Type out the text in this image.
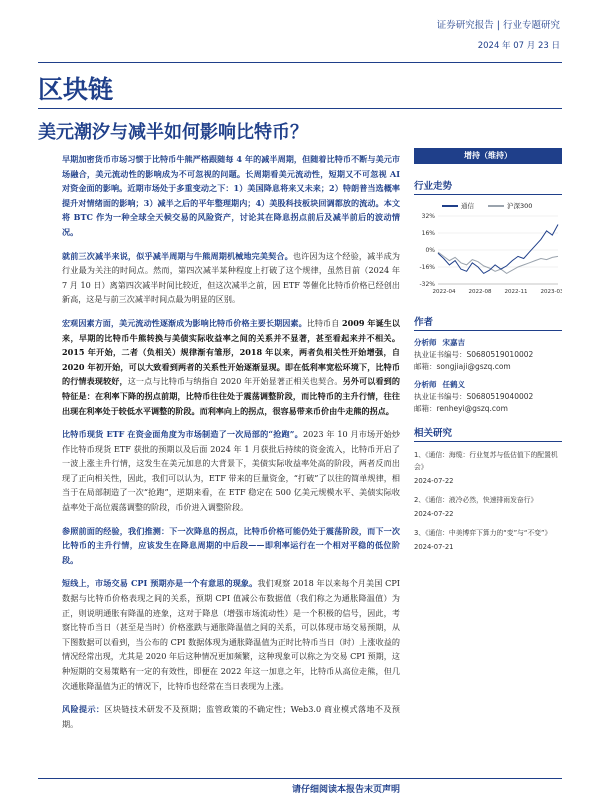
证券研究报告 | 行业专题研究
2024 年 07 月 23 日
区块链
美元潮汐与减半如何影响比特币？

早期加密货币市场习惯于比特币牛熊严格跟随每 4 年的减半周期，但随着比特币不断与美元市场融合，美元流动性的影响成为不可忽视的问题。长周期看美元流动性，短期又不可忽视 AI 对资金面的影响。近期市场处于多重变动之下：1）美国降息将来又未来；2）特朗普当选概率提升对情绪面的影响；3）减半之后的平年整理期内；4）美股科技板块回调都放的流动。本文将 BTC 作为一种全球全天候交易的风险资产，讨论其在降息拐点前后及减半前后的波动情况。

就前三次减半来说，似乎减半周期与牛熊周期机械地完美契合。也许因为这个经验，减半成为行业最为关注的时间点。然而，第四次减半某种程度上打破了这个规律，虽然目前（2024 年 7 月 10 日）离第四次减半时间比较近，但这次减半之前，因 ETF 等催化比特币价格已经创出新高，这是与前三次减半时间点最为明显的区别。

宏观因素方面，美元流动性逐渐成为影响比特币价格主要长期因素。比特币自 2009 年诞生以来，早期的比特币牛熊转换与美债实际收益率之间的关系并不显著，甚至看起来并不相关。2015 年开始，二者（负相关）规律渐有雏形，2018 年以来，两者负相关性开始增强，自 2020 年初开始，可以大致看到两者的关系性开始逐渐显现。即在低利率宽松环境下，比特币的行情表现较好，这一点与比特币与纳指自 2020 年开始显著正相关也契合。另外可以看到的特征是：在利率下降的拐点前期，比特币往往处于震荡调整阶段，而比特币的主升行情，往往出现在利率处于较低水平调整的阶段。而利率向上的拐点，很容易带来币价由牛走熊的拐点。

比特币现货 ETF 在资金面角度为市场制造了一次局部的“抢跑”。2023 年 10 月市场开始炒作比特币现货 ETF 获批的预期以及后面 2024 年 1 月获批后持续的资金流入，比特币开启了一波上涨主升行情，这发生在美元加息的大背景下，美债实际收益率处高的阶段，两者反而出现了正向相关性，因此，我们可以认为，ETF 带来的巨量资金，“打破”了以往的简单规律，相当于在局部制造了一次“抢跑”，逆期来看，在 ETF 稳定在 500 亿美元规模水平、美债实际收益率处于高位震荡调整的阶段，币价进入调整阶段。

参照前面的经验，我们推测：下一次降息的拐点，比特币价格可能仍处于震荡阶段，而下一次比特币的主升行情，应该发生在降息周期的中后段——即利率运行在一个相对平稳的低位阶段。

短线上，市场交易 CPI 预期亦是一个有意思的现象。我们观察 2018 年以来每个月美国 CPI 数据与比特币价格表现之间的关系，预期 CPI 值减公布数据值（我们称之为通胀降温值）为正，则说明通胀有降温的迹象，这对于降息（增强市场流动性）是一个积极的信号，因此，考察比特币当日（甚至是当时）价格涨跌与通胀降温值之间的关系，可以体现市场交易预期，从下图数据可以看到，当公布的 CPI 数据体现为通胀降温值为正时比特币当日（时）上涨收益的情况经常出现，尤其是 2020 年后这种情况更加频繁，这种现象可以称之为交易 CPI 预期，这种短期的交易策略有一定的有效性，即便在 2022 年这一加息之年，比特币从高位走熊，但几次通胀降温值为正的情况下，比特币也经常在当日表现为上涨。

风险提示：区块链技术研发不及预期；监管政策的不确定性；Web3.0 商业模式落地不及预期。

增持（维持）
行业走势
通信	沪深300
32%
16%
0%
-16%
-32%
2022-04 2022-08 2022-11 2023-03
作者
分析师 宋嘉吉
执业证书编号：S0680519010002
邮箱：songjiaji@gszq.com
分析师 任鹤义
执业证书编号：S0680519040002
邮箱：renheyi@gszq.com
相关研究
1、《通信：海缆：行业复苏与低估值下的配置机会》
2024-07-22
2、《通信：液冷必然，快速排雨发奋行》
2024-07-22
3、《通信：中美博弈下算力的“变”与“不变”》
2024-07-21
请仔细阅读本报告末页声明
